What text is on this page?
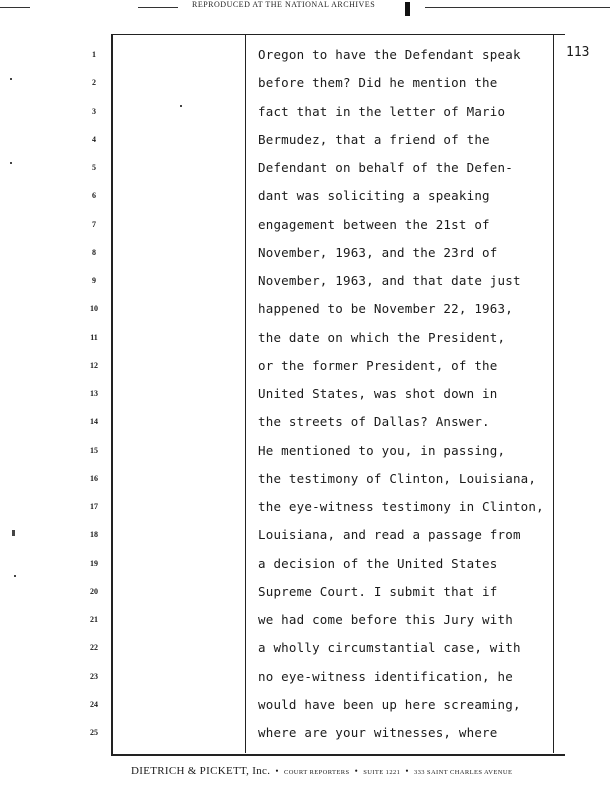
REPRODUCED AT THE NATIONAL ARCHIVES
113
1	Oregon to have the Defendant speak
2	before them? Did he mention the
3	fact that in the letter of Mario
4	Bermudez, that a friend of the
5	Defendant on behalf of the Defen-
6	dant was soliciting a speaking
7	engagement between the 21st of
8	November, 1963, and the 23rd of
9	November, 1963, and that date just
10	happened to be November 22, 1963,
11	the date on which the President,
12	or the former President, of the
13	United States, was shot down in
14	the streets of Dallas? Answer.
15	He mentioned to you, in passing,
16	the testimony of Clinton, Louisiana,
17	the eye-witness testimony in Clinton,
18	Louisiana, and read a passage from
19	a decision of the United States
20	Supreme Court. I submit that if
21	we had come before this Jury with
22	a wholly circumstantial case, with
23	no eye-witness identification, he
24	would have been up here screaming,
25	where are your witnesses, where
DIETRICH & PICKETT, Inc. • COURT REPORTERS • SUITE 1221 • 333 SAINT CHARLES AVENUE
